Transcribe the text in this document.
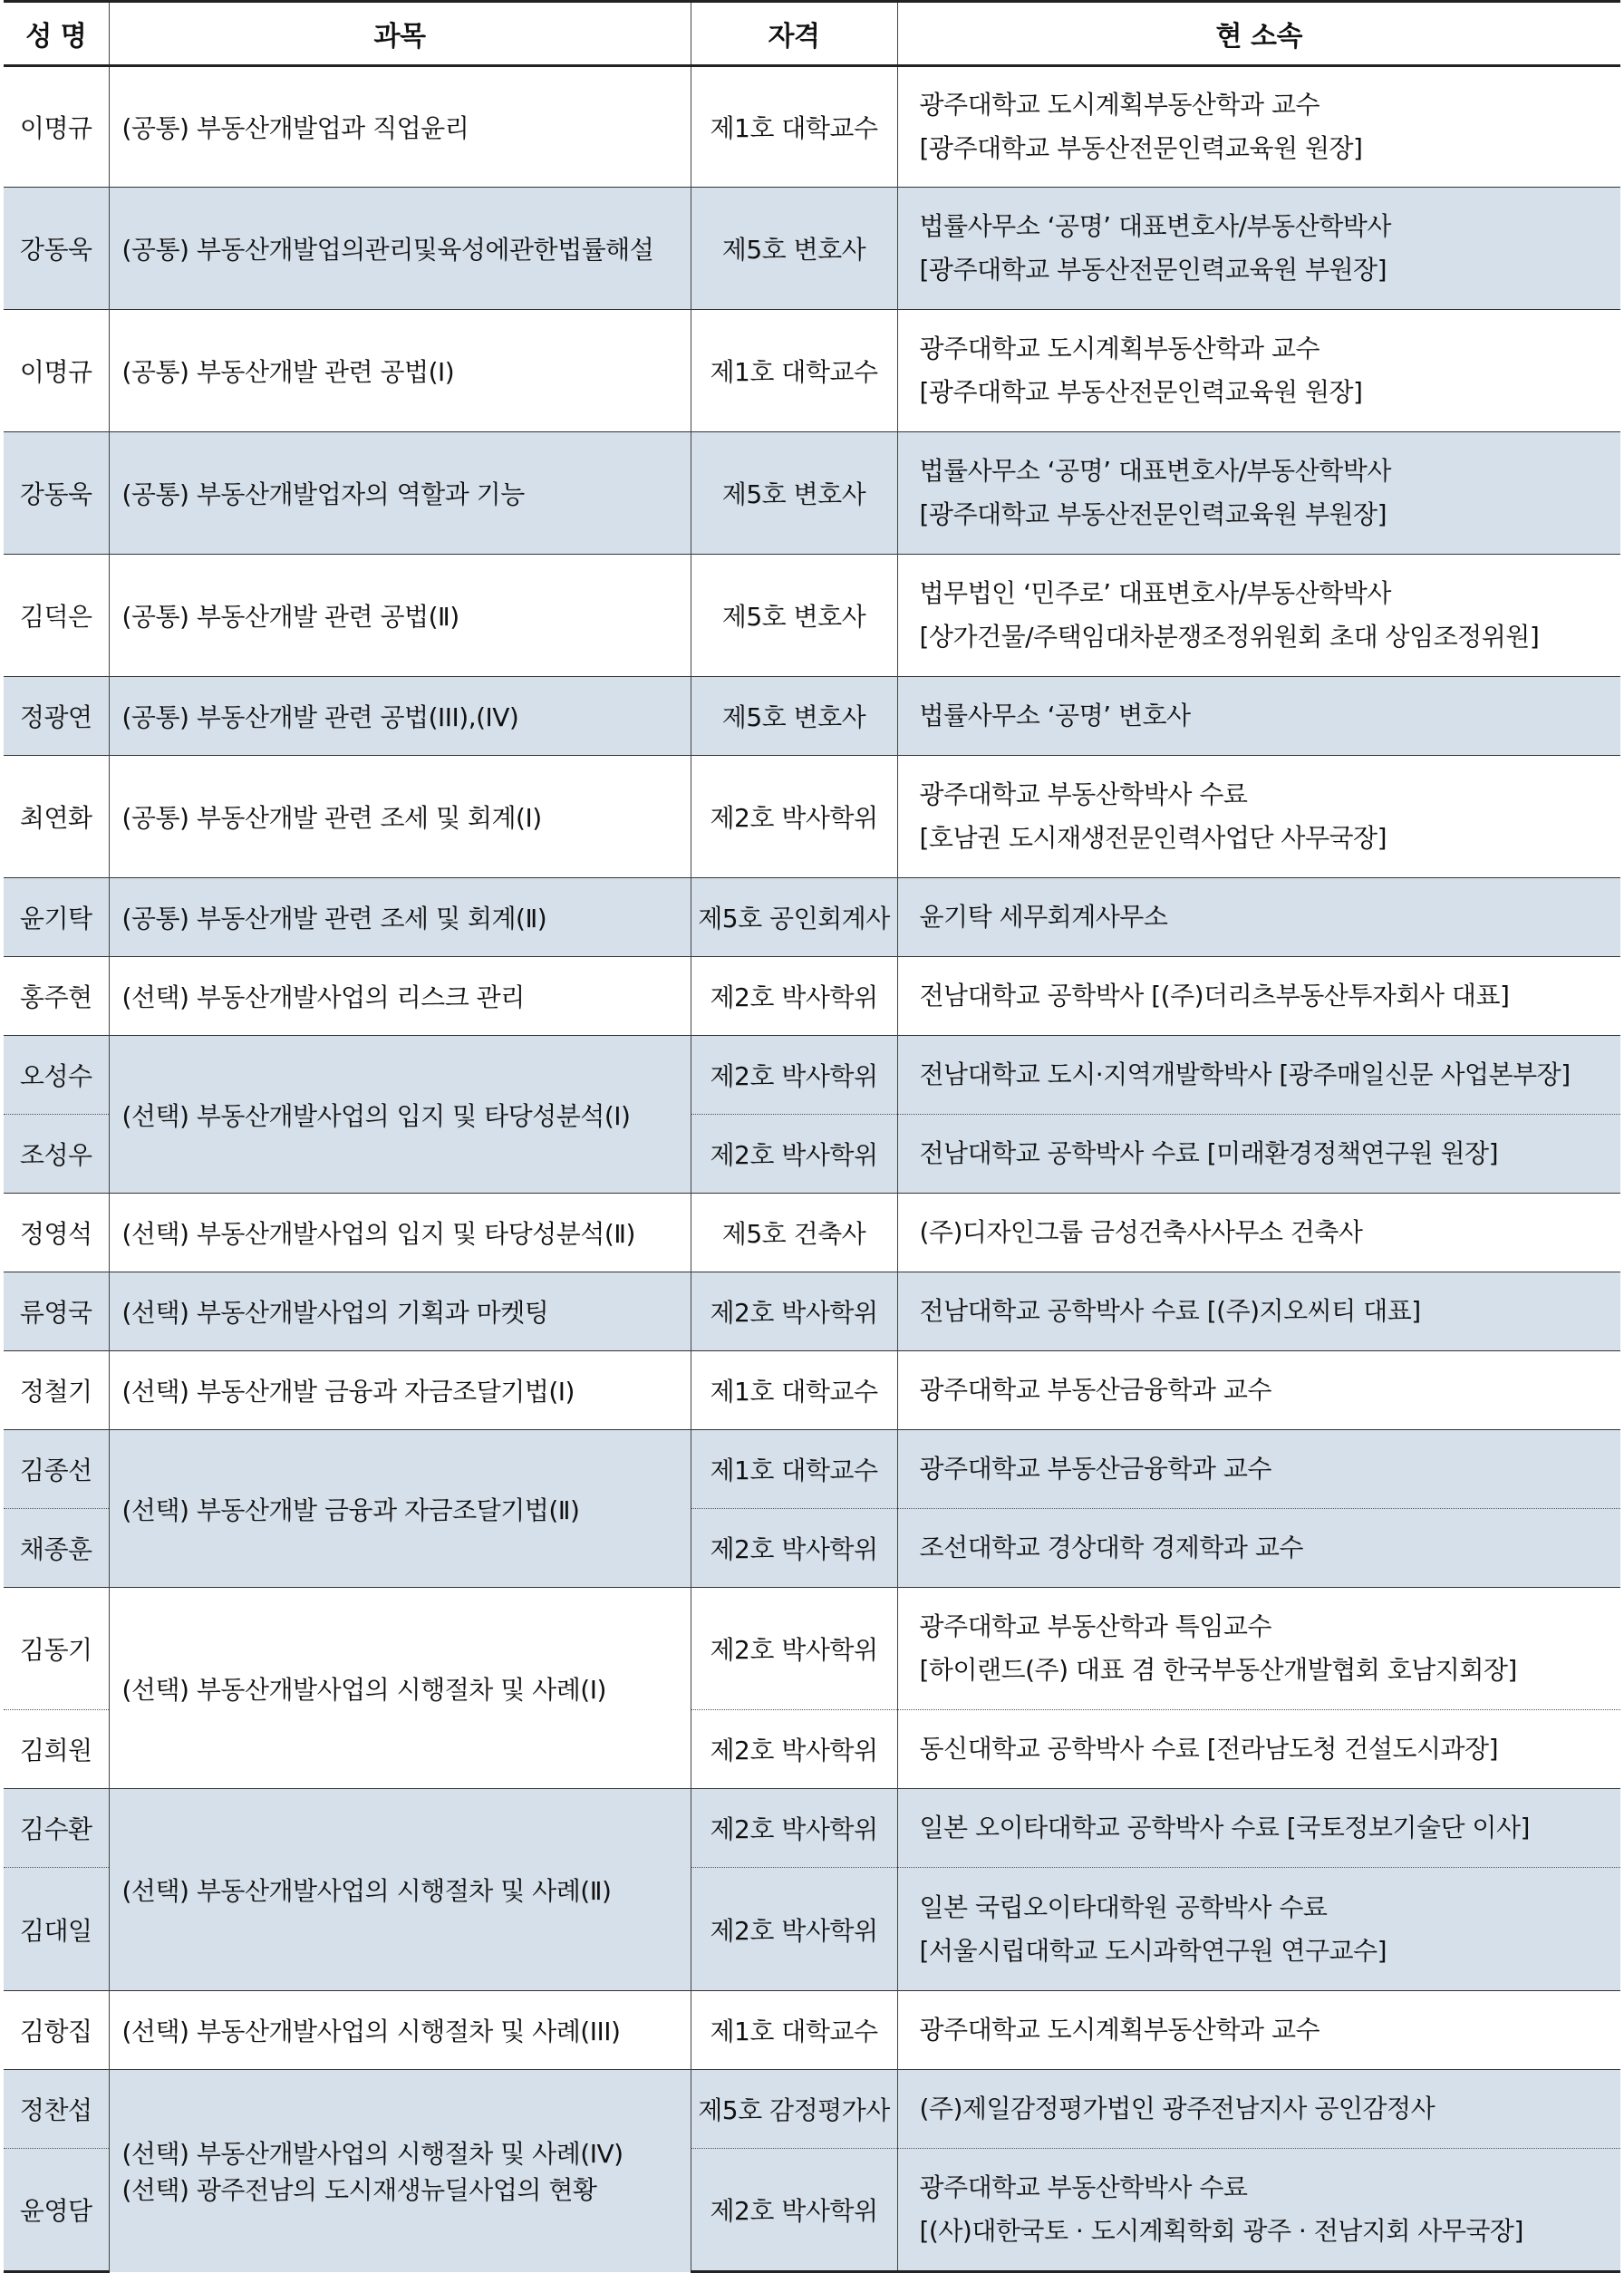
성 명	과목	자격	현 소속
이명규	(공통) 부동산개발업과 직업윤리	제1호 대학교수	광주대학교 도시계획부동산학과 교수
[광주대학교 부동산전문인력교육원 원장]

강동욱	(공통) 부동산개발업의관리및육성에관한법률해설	제5호 변호사	법률사무소 ‘공명’ 대표변호사/부동산학박사
[광주대학교 부동산전문인력교육원 부원장]

이명규	(공통) 부동산개발 관련 공법(Ⅰ)	제1호 대학교수	광주대학교 도시계획부동산학과 교수
[광주대학교 부동산전문인력교육원 원장]

강동욱	(공통) 부동산개발업자의 역할과 기능	제5호 변호사	법률사무소 ‘공명’ 대표변호사/부동산학박사
[광주대학교 부동산전문인력교육원 부원장]

김덕은	(공통) 부동산개발 관련 공법(Ⅱ)	제5호 변호사	법무법인 ‘민주로’ 대표변호사/부동산학박사
[상가건물/주택임대차분쟁조정위원회 초대 상임조정위원]

정광연	(공통) 부동산개발 관련 공법(III),(IV)	제5호 변호사	법률사무소 ‘공명’ 변호사

최연화	(공통) 부동산개발 관련 조세 및 회계(Ⅰ)	제2호 박사학위	광주대학교 부동산학박사 수료
[호남권 도시재생전문인력사업단 사무국장]

윤기탁	(공통) 부동산개발 관련 조세 및 회계(Ⅱ)	제5호 공인회계사	윤기탁 세무회계사무소

홍주현	(선택) 부동산개발사업의 리스크 관리	제2호 박사학위	전남대학교 공학박사 [(주)더리츠부동산투자회사 대표]

오성수	(선택) 부동산개발사업의 입지 및 타당성분석(Ⅰ)	제2호 박사학위	전남대학교 도시·지역개발학박사 [광주매일신문 사업본부장]

조성우		제2호 박사학위	전남대학교 공학박사 수료 [미래환경정책연구원 원장]

정영석	(선택) 부동산개발사업의 입지 및 타당성분석(Ⅱ)	제5호 건축사	(주)디자인그룹 금성건축사사무소 건축사

류영국	(선택) 부동산개발사업의 기획과 마켓팅	제2호 박사학위	전남대학교 공학박사 수료 [(주)지오씨티 대표]

정철기	(선택) 부동산개발 금융과 자금조달기법(Ⅰ)	제1호 대학교수	광주대학교 부동산금융학과 교수

김종선	(선택) 부동산개발 금융과 자금조달기법(Ⅱ)	제1호 대학교수	광주대학교 부동산금융학과 교수

채종훈		제2호 박사학위	조선대학교 경상대학 경제학과 교수

김동기	(선택) 부동산개발사업의 시행절차 및 사례(Ⅰ)	제2호 박사학위	광주대학교 부동산학과 특임교수
[하이랜드(주) 대표 겸 한국부동산개발협회 호남지회장]

김희원		제2호 박사학위	동신대학교 공학박사 수료 [전라남도청 건설도시과장]

김수환	(선택) 부동산개발사업의 시행절차 및 사례(Ⅱ)	제2호 박사학위	일본 오이타대학교 공학박사 수료 [국토정보기술단 이사]

김대일		제2호 박사학위	일본 국립오이타대학원 공학박사 수료
[서울시립대학교 도시과학연구원 연구교수]

김항집	(선택) 부동산개발사업의 시행절차 및 사례(III)	제1호 대학교수	광주대학교 도시계획부동산학과 교수

정찬섭	(선택) 부동산개발사업의 시행절차 및 사례(IV)
(선택) 광주전남의 도시재생뉴딜사업의 현황	제5호 감정평가사	(주)제일감정평가법인 광주전남지사 공인감정사

윤영담		제2호 박사학위	광주대학교 부동산학박사 수료
[(사)대한국토 · 도시계획학회 광주 · 전남지회 사무국장]
